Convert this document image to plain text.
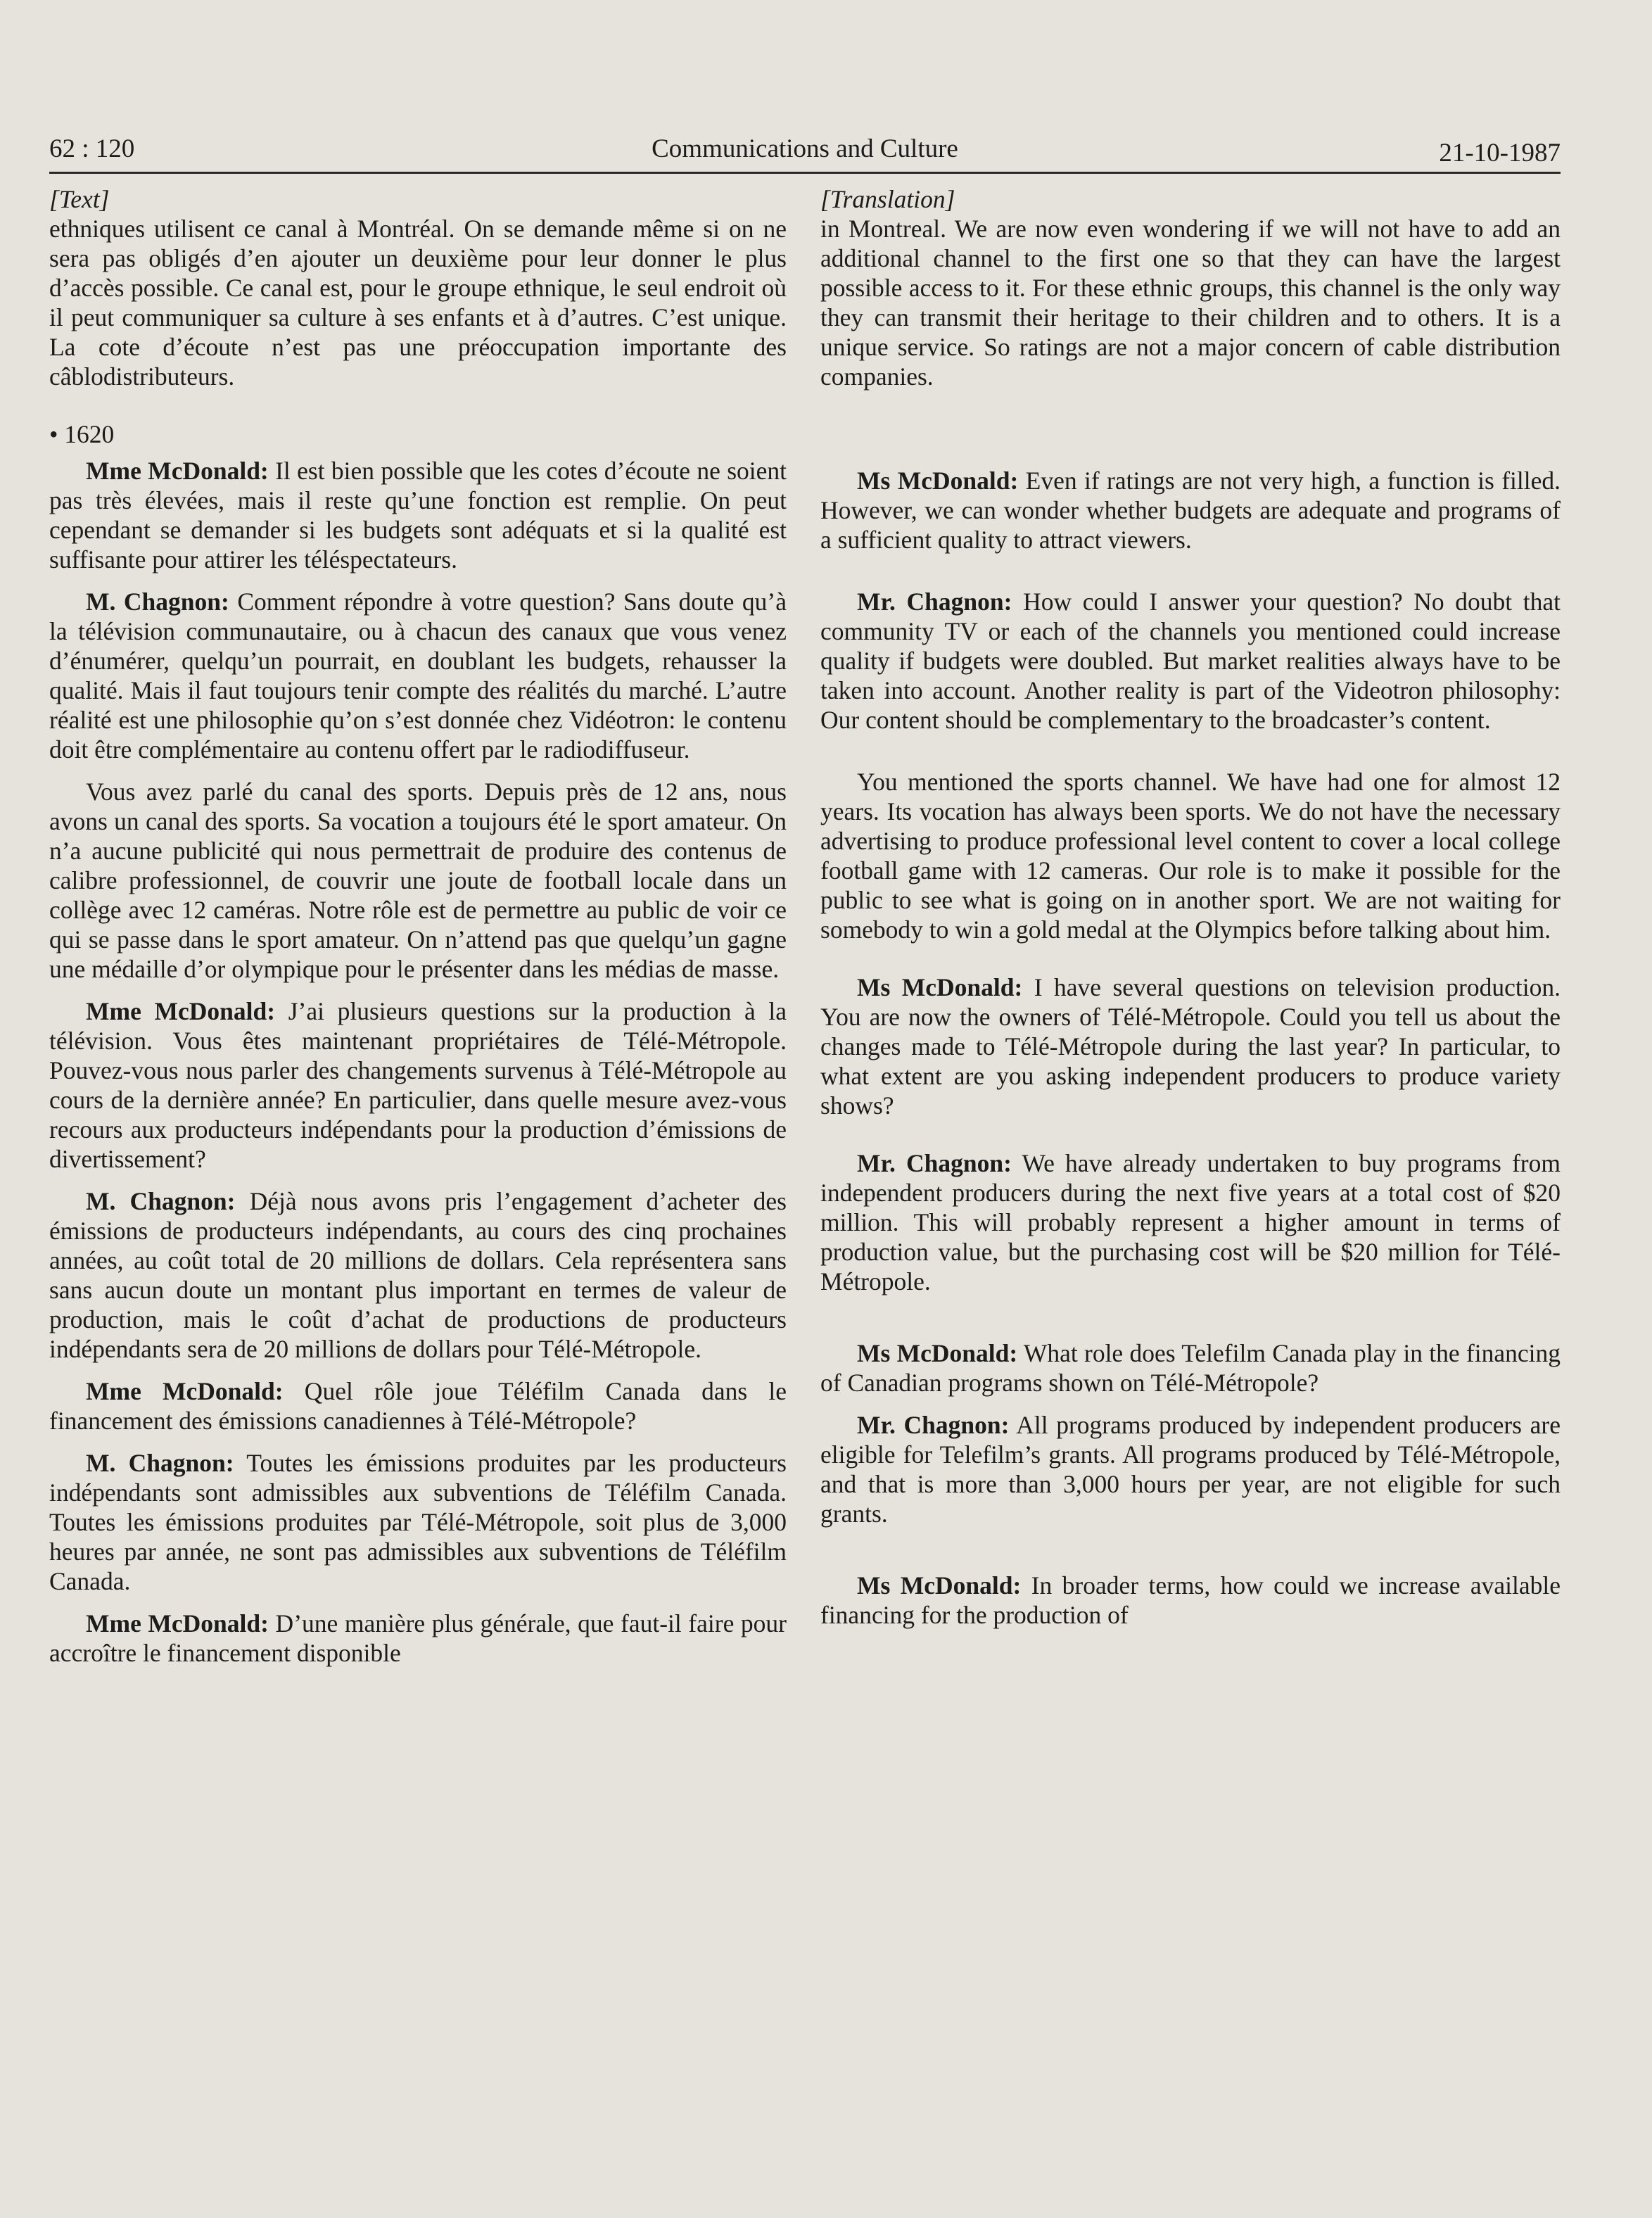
62 : 120	Communications and Culture	21-10-1987

[Text]

ethniques utilisent ce canal à Montréal. On se demande même si on ne sera pas obligés d’en ajouter un deuxième pour leur donner le plus d’accès possible. Ce canal est, pour le groupe ethnique, le seul endroit où il peut communiquer sa culture à ses enfants et à d’autres. C’est unique. La cote d’écoute n’est pas une préoccupation importante des câblodistributeurs.

• 1620

Mme McDonald: Il est bien possible que les cotes d’écoute ne soient pas très élevées, mais il reste qu’une fonction est remplie. On peut cependant se demander si les budgets sont adéquats et si la qualité est suffisante pour attirer les téléspectateurs.

M. Chagnon: Comment répondre à votre question? Sans doute qu’à la télévision communautaire, ou à chacun des canaux que vous venez d’énumérer, quelqu’un pourrait, en doublant les budgets, rehausser la qualité. Mais il faut toujours tenir compte des réalités du marché. L’autre réalité est une philosophie qu’on s’est donnée chez Vidéotron: le contenu doit être complémentaire au contenu offert par le radiodiffuseur.

Vous avez parlé du canal des sports. Depuis près de 12 ans, nous avons un canal des sports. Sa vocation a toujours été le sport amateur. On n’a aucune publicité qui nous permettrait de produire des contenus de calibre professionnel, de couvrir une joute de football locale dans un collège avec 12 caméras. Notre rôle est de permettre au public de voir ce qui se passe dans le sport amateur. On n’attend pas que quelqu’un gagne une médaille d’or olympique pour le présenter dans les médias de masse.

Mme McDonald: J’ai plusieurs questions sur la production à la télévision. Vous êtes maintenant propriétaires de Télé-Métropole. Pouvez-vous nous parler des changements survenus à Télé-Métropole au cours de la dernière année? En particulier, dans quelle mesure avez-vous recours aux producteurs indépendants pour la production d’émissions de divertissement?

M. Chagnon: Déjà nous avons pris l’engagement d’acheter des émissions de producteurs indépendants, au cours des cinq prochaines années, au coût total de 20 millions de dollars. Cela représentera sans sans aucun doute un montant plus important en termes de valeur de production, mais le coût d’achat de productions de producteurs indépendants sera de 20 millions de dollars pour Télé-Métropole.

Mme McDonald: Quel rôle joue Téléfilm Canada dans le financement des émissions canadiennes à Télé-Métropole?

M. Chagnon: Toutes les émissions produites par les producteurs indépendants sont admissibles aux subventions de Téléfilm Canada. Toutes les émissions produites par Télé-Métropole, soit plus de 3,000 heures par année, ne sont pas admissibles aux subventions de Téléfilm Canada.

Mme McDonald: D’une manière plus générale, que faut-il faire pour accroître le financement disponible

[Translation]

in Montreal. We are now even wondering if we will not have to add an additional channel to the first one so that they can have the largest possible access to it. For these ethnic groups, this channel is the only way they can transmit their heritage to their children and to others. It is a unique service. So ratings are not a major concern of cable distribution companies.

Ms McDonald: Even if ratings are not very high, a function is filled. However, we can wonder whether budgets are adequate and programs of a sufficient quality to attract viewers.

Mr. Chagnon: How could I answer your question? No doubt that community TV or each of the channels you mentioned could increase quality if budgets were doubled. But market realities always have to be taken into account. Another reality is part of the Videotron philosophy: Our content should be complementary to the broadcaster’s content.

You mentioned the sports channel. We have had one for almost 12 years. Its vocation has always been sports. We do not have the necessary advertising to produce professional level content to cover a local college football game with 12 cameras. Our role is to make it possible for the public to see what is going on in another sport. We are not waiting for somebody to win a gold medal at the Olympics before talking about him.

Ms McDonald: I have several questions on television production. You are now the owners of Télé-Métropole. Could you tell us about the changes made to Télé-Métropole during the last year? In particular, to what extent are you asking independent producers to produce variety shows?

Mr. Chagnon: We have already undertaken to buy programs from independent producers during the next five years at a total cost of $20 million. This will probably represent a higher amount in terms of production value, but the purchasing cost will be $20 million for Télé-Métropole.

Ms McDonald: What role does Telefilm Canada play in the financing of Canadian programs shown on Télé-Métropole?

Mr. Chagnon: All programs produced by independent producers are eligible for Telefilm’s grants. All programs produced by Télé-Métropole, and that is more than 3,000 hours per year, are not eligible for such grants.

Ms McDonald: In broader terms, how could we increase available financing for the production of
